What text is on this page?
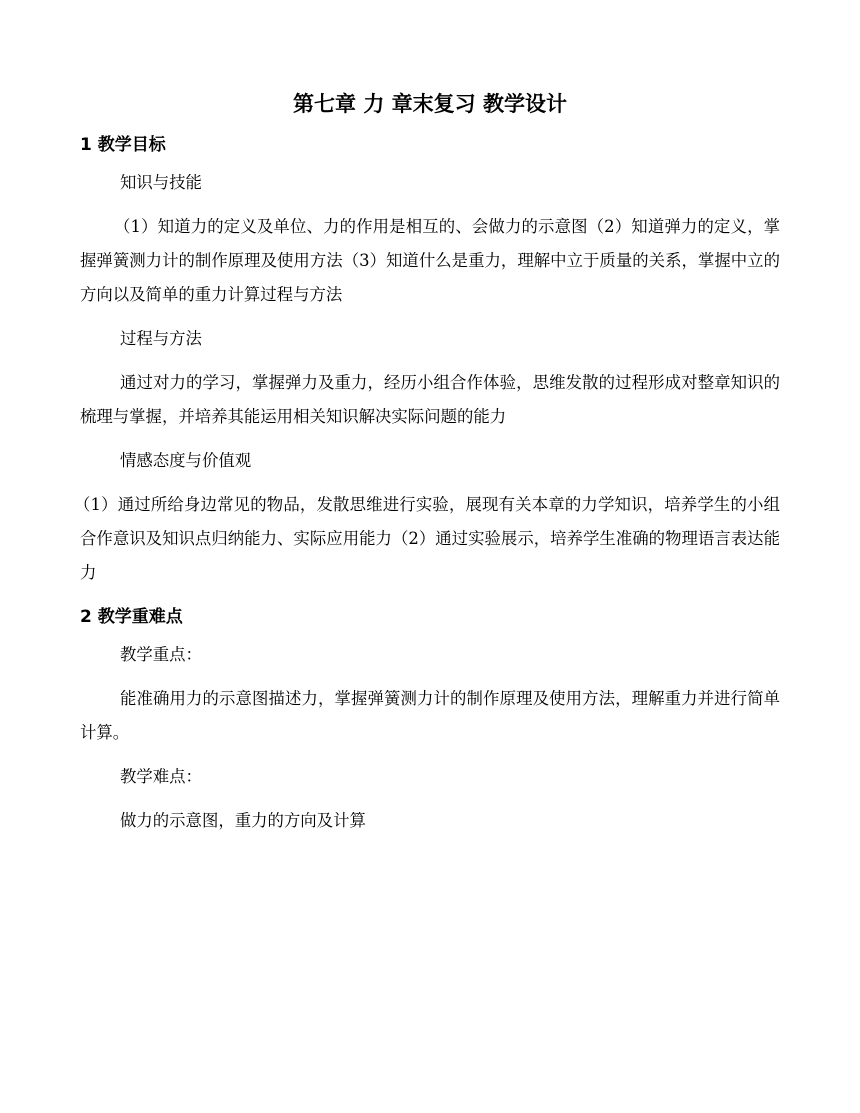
第七章 力 章末复习 教学设计
1 教学目标
知识与技能
（1）知道力的定义及单位、力的作用是相互的、会做力的示意图（2）知道弹力的定义，掌握弹簧测力计的制作原理及使用方法（3）知道什么是重力，理解中立于质量的关系，掌握中立的方向以及简单的重力计算过程与方法
过程与方法
通过对力的学习，掌握弹力及重力，经历小组合作体验，思维发散的过程形成对整章知识的梳理与掌握，并培养其能运用相关知识解决实际问题的能力
情感态度与价值观
（1）通过所给身边常见的物品，发散思维进行实验，展现有关本章的力学知识，培养学生的小组合作意识及知识点归纳能力、实际应用能力（2）通过实验展示，培养学生准确的物理语言表达能力
2 教学重难点
教学重点：
能准确用力的示意图描述力，掌握弹簧测力计的制作原理及使用方法，理解重力并进行简单计算。
教学难点：
做力的示意图，重力的方向及计算
